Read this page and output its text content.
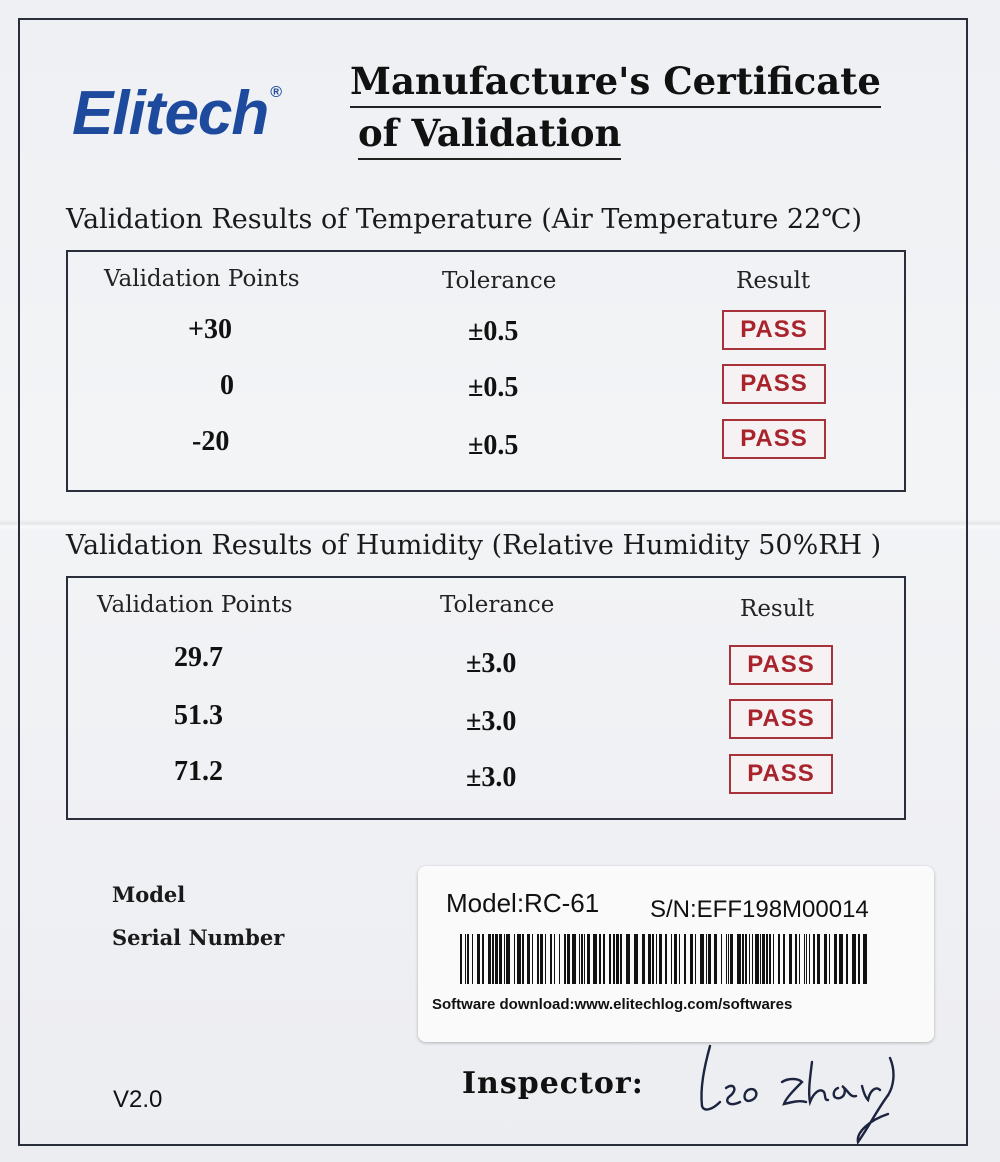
Elitech ® Manufacture's Certificate
of Validation
Validation Results of Temperature (Air Temperature 22℃)
Validation Points	Tolerance	Result
+30	±0.5	PASS
0	±0.5	PASS
-20	±0.5	PASS
Validation Results of Humidity (Relative Humidity 50%RH )
Validation Points	Tolerance	Result
29.7	±3.0	PASS
51.3	±3.0	PASS
71.2	±3.0	PASS
Model
Serial Number
Model:RC-61 S/N:EFF198M00014
Software download:www.elitechlog.com/softwares
Inspector:
V2.0
